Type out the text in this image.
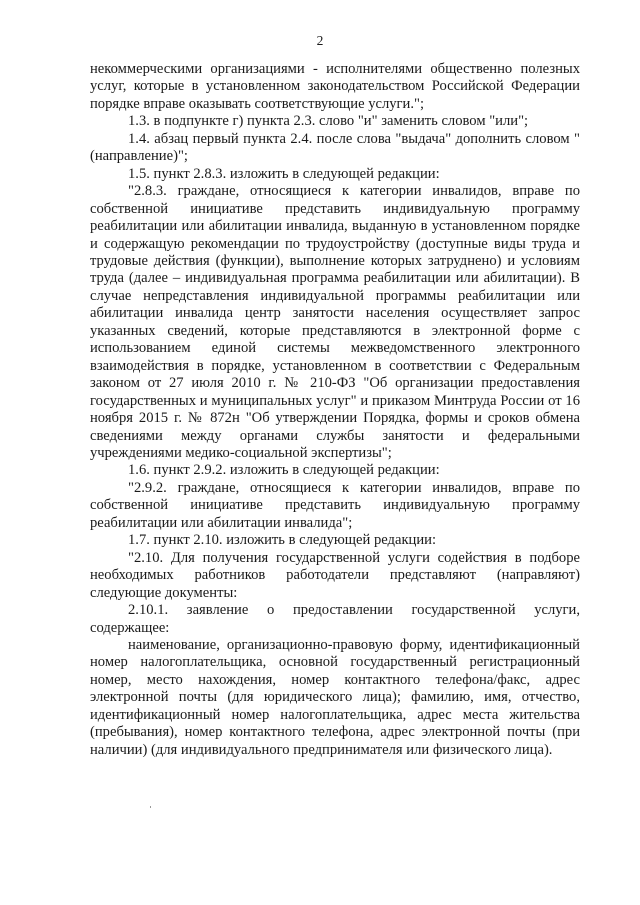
2

некоммерческими организациями - исполнителями общественно полезных услуг, которые в установленном законодательством Российской Федерации порядке вправе оказывать соответствующие услуги.";

1.3. в подпункте г) пункта 2.3. слово "и" заменить словом "или";

1.4. абзац первый пункта 2.4. после слова "выдача" дополнить словом "(направление)";

1.5. пункт 2.8.3. изложить в следующей редакции:

"2.8.3. граждане, относящиеся к категории инвалидов, вправе по собственной инициативе представить индивидуальную программу реабилитации или абилитации инвалида, выданную в установленном порядке и содержащую рекомендации по трудоустройству (доступные виды труда и трудовые действия (функции), выполнение которых затруднено) и условиям труда (далее – индивидуальная программа реабилитации или абилитации). В случае непредставления индивидуальной программы реабилитации или абилитации инвалида центр занятости населения осуществляет запрос указанных сведений, которые представляются в электронной форме с использованием единой системы межведомственного электронного взаимодействия в порядке, установленном в соответствии с Федеральным законом от 27 июля 2010 г. № 210-ФЗ "Об организации предоставления государственных и муниципальных услуг" и приказом Минтруда России от 16 ноября 2015 г. № 872н "Об утверждении Порядка, формы и сроков обмена сведениями между органами службы занятости и федеральными учреждениями медико-социальной экспертизы";

1.6. пункт 2.9.2. изложить в следующей редакции:

"2.9.2. граждане, относящиеся к категории инвалидов, вправе по собственной инициативе представить индивидуальную программу реабилитации или абилитации инвалида";

1.7. пункт 2.10. изложить в следующей редакции:

"2.10. Для получения государственной услуги содействия в подборе необходимых работников работодатели представляют (направляют) следующие документы:

2.10.1. заявление о предоставлении государственной услуги, содержащее:

наименование, организационно-правовую форму, идентификационный номер налогоплательщика, основной государственный регистрационный номер, место нахождения, номер контактного телефона/факс, адрес электронной почты (для юридического лица); фамилию, имя, отчество, идентификационный номер налогоплательщика, адрес места жительства (пребывания), номер контактного телефона, адрес электронной почты (при наличии) (для индивидуального предпринимателя или физического лица).
